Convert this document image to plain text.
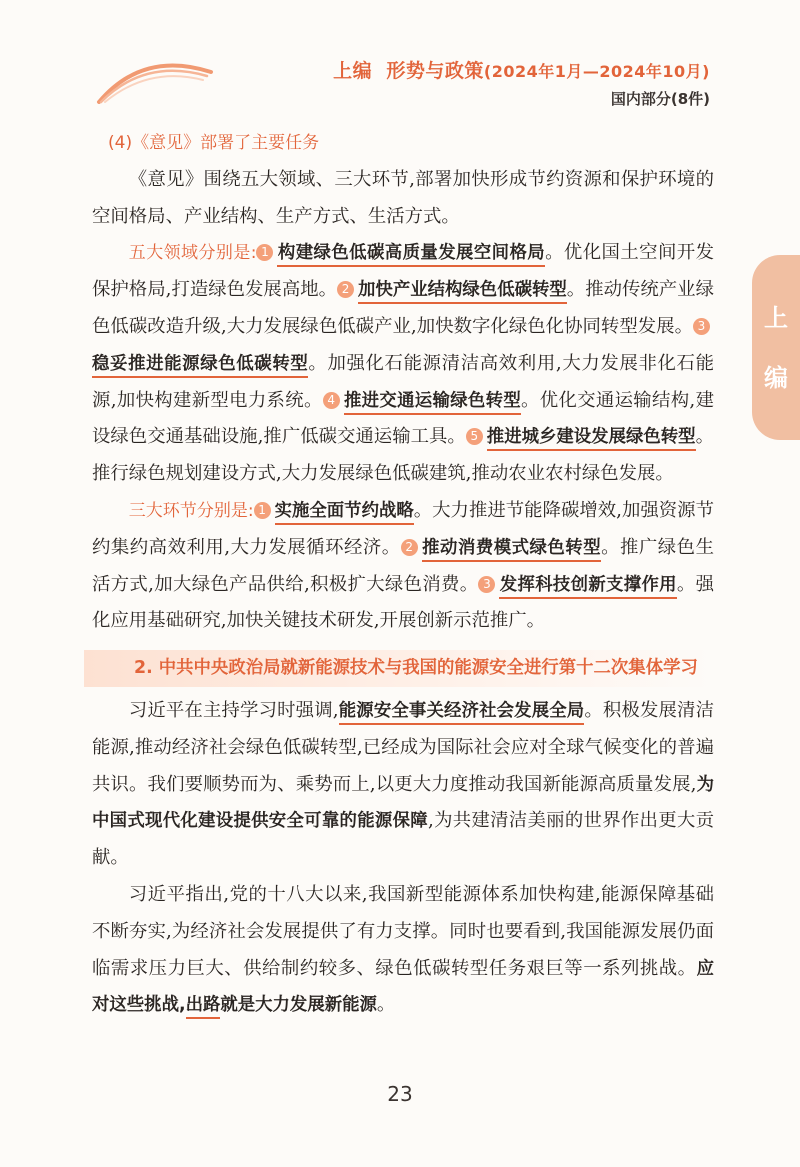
上编 形势与政策(2024年1月—2024年10月)
国内部分(8件)
上
编

(4)《意见》部署了主要任务

《意见》围绕五大领域、三大环节,部署加快形成节约资源和保护环境的空间格局、产业结构、生产方式、生活方式。

五大领域分别是: 1 构建绿色低碳高质量发展空间格局。优化国土空间开发保护格局,打造绿色发展高地。 2 加快产业结构绿色低碳转型。推动传统产业绿色低碳改造升级,大力发展绿色低碳产业,加快数字化绿色化协同转型发展。 3稳妥推进能源绿色低碳转型。加强化石能源清洁高效利用,大力发展非化石能源,加快构建新型电力系统。 4 推进交通运输绿色转型。优化交通运输结构,建设绿色交通基础设施,推广低碳交通运输工具。 5 推进城乡建设发展绿色转型。推行绿色规划建设方式,大力发展绿色低碳建筑,推动农业农村绿色发展。

三大环节分别是: 1 实施全面节约战略。大力推进节能降碳增效,加强资源节约集约高效利用,大力发展循环经济。 2 推动消费模式绿色转型。推广绿色生活方式,加大绿色产品供给,积极扩大绿色消费。 3 发挥科技创新支撑作用。强化应用基础研究,加快关键技术研发,开展创新示范推广。

2. 中共中央政治局就新能源技术与我国的能源安全进行第十二次集体学习

习近平在主持学习时强调,能源安全事关经济社会发展全局。积极发展清洁能源,推动经济社会绿色低碳转型,已经成为国际社会应对全球气候变化的普遍共识。我们要顺势而为、乘势而上,以更大力度推动我国新能源高质量发展,为中国式现代化建设提供安全可靠的能源保障,为共建清洁美丽的世界作出更大贡献。

习近平指出,党的十八大以来,我国新型能源体系加快构建,能源保障基础不断夯实,为经济社会发展提供了有力支撑。同时也要看到,我国能源发展仍面临需求压力巨大、供给制约较多、绿色低碳转型任务艰巨等一系列挑战。应对这些挑战,出路就是大力发展新能源。

23
